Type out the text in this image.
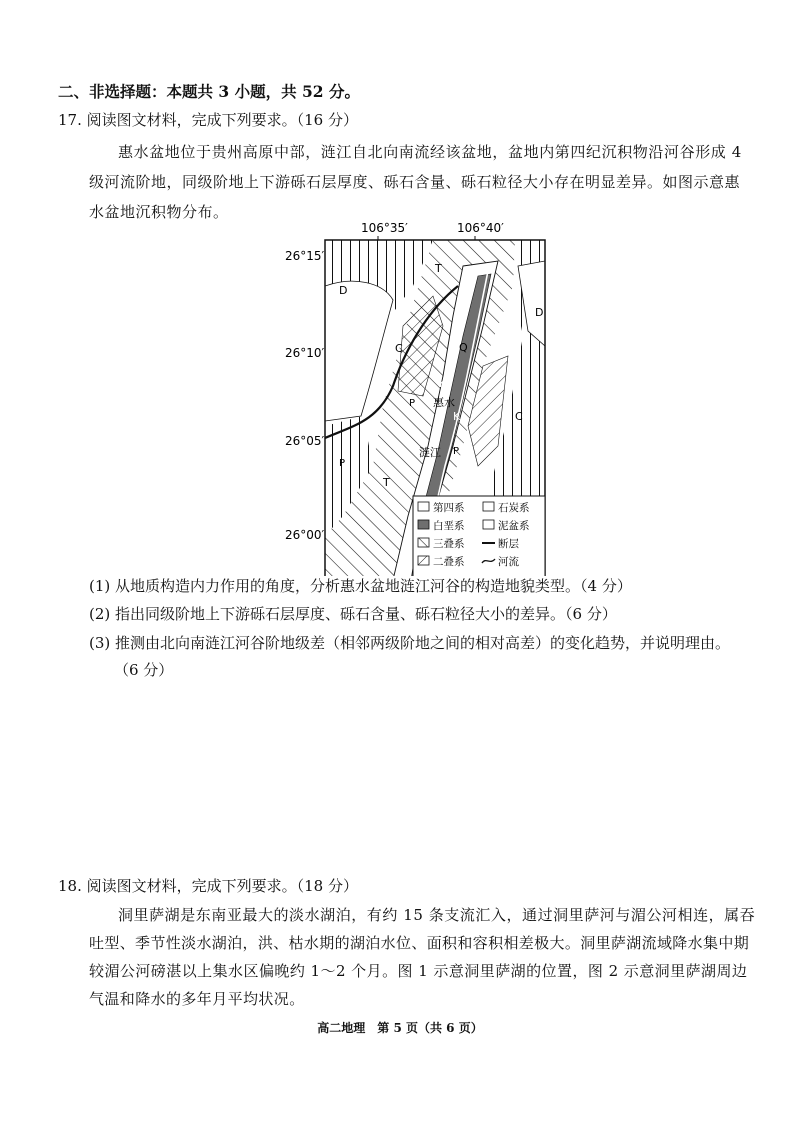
二、非选择题：本题共 3 小题，共 52 分。
17. 阅读图文材料，完成下列要求。（16 分）
惠水盆地位于贵州高原中部，涟江自北向南流经该盆地，盆地内第四纪沉积物沿河谷形成 4
级河流阶地，同级阶地上下游砾石层厚度、砾石含量、砾石粒径大小存在明显差异。如图示意惠
水盆地沉积物分布。
106°35′	106°40′
26°15′
26°10′
26°05′
26°00′
D
C
D
C
P
P
P
Q
K
K
T
T
惠水
涟江
第四系	石炭系
白垩系	泥盆系
三叠系	断层
二叠系	河流
(1) 从地质构造内力作用的角度，分析惠水盆地涟江河谷的构造地貌类型。（4 分）
(2) 指出同级阶地上下游砾石层厚度、砾石含量、砾石粒径大小的差异。（6 分）
(3) 推测由北向南涟江河谷阶地级差（相邻两级阶地之间的相对高差）的变化趋势，并说明理由。
（6 分）
18. 阅读图文材料，完成下列要求。（18 分）
洞里萨湖是东南亚最大的淡水湖泊，有约 15 条支流汇入，通过洞里萨河与湄公河相连，属吞
吐型、季节性淡水湖泊，洪、枯水期的湖泊水位、面积和容积相差极大。洞里萨湖流域降水集中期
较湄公河磅湛以上集水区偏晚约 1～2 个月。图 1 示意洞里萨湖的位置，图 2 示意洞里萨湖周边
气温和降水的多年月平均状况。
高二地理　第 5 页（共 6 页）
